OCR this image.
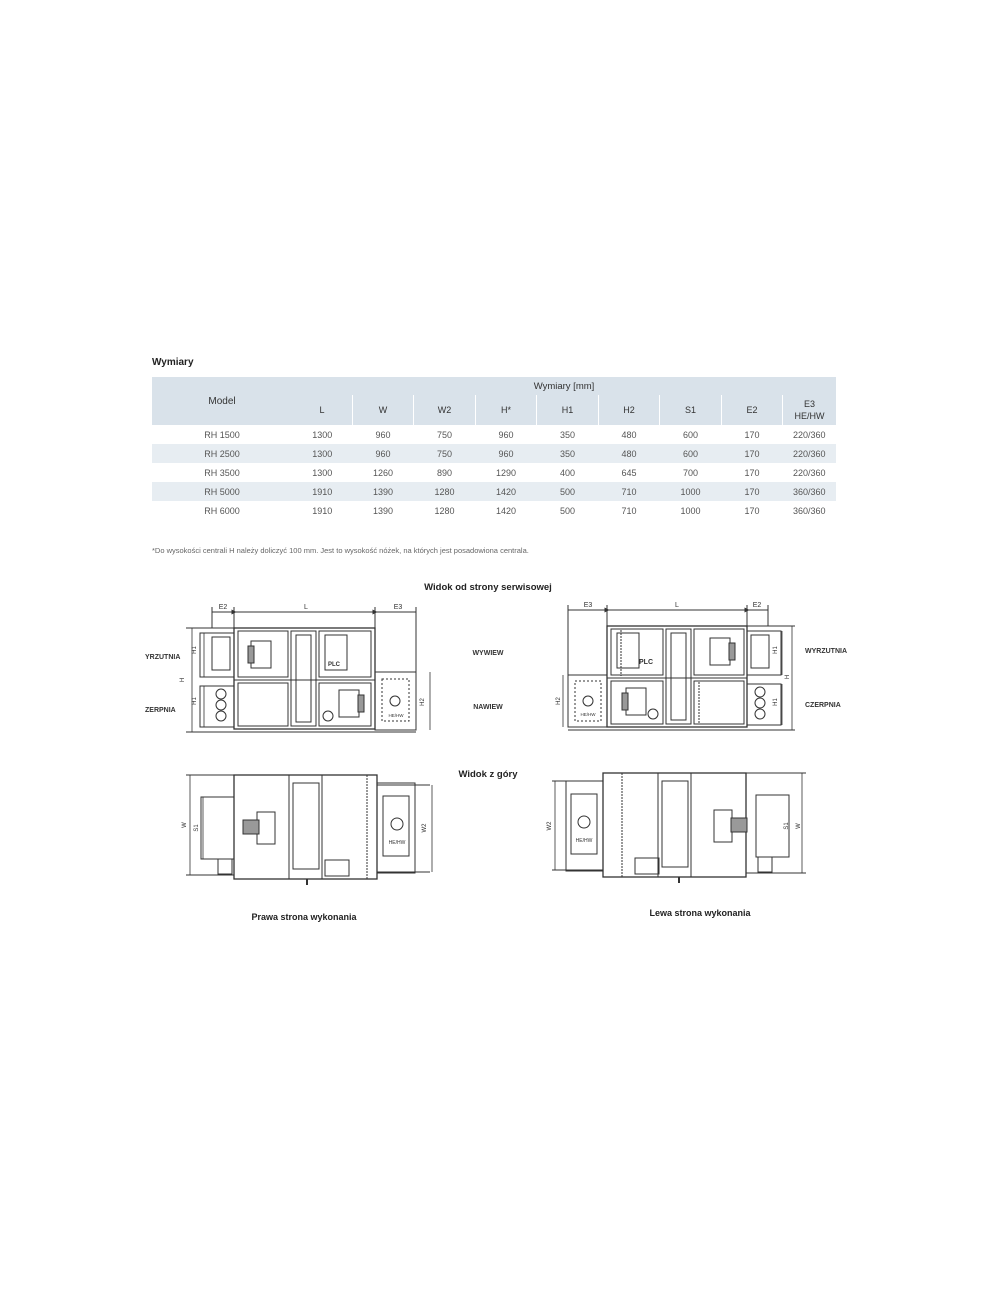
Wymiary
Model	Wymiary [mm]								
	L	W	W2	H*	H1	H2	S1	E2	E3
HE/HW
RH 1500	1300	960	750	960	350	480	600	170	220/360
RH 2500	1300	960	750	960	350	480	600	170	220/360
RH 3500	1300	1260	890	1290	400	645	700	170	220/360
RH 5000	1910	1390	1280	1420	500	710	1000	170	360/360
RH 6000	1910	1390	1280	1420	500	710	1000	170	360/360
*Do wysokości centrali H należy doliczyć 100 mm. Jest to wysokość nóżek, na których jest posadowiona centrala.
Widok od strony serwisowej
L
E2	E3
PLC
HE/HW
YRZUTNIA
ZERPNIA
H1
H1
H
H2
WYWIEW
NAWIEW
L
E3	E2
PLC
HE/HW
WYRZUTNIA
CZERPNIA
H1
H1
H
H2
Widok z góry
HE/HW
W S1	W2
Prawa strona wykonania
HE/HW
W2	S1 W
Lewa strona wykonania
